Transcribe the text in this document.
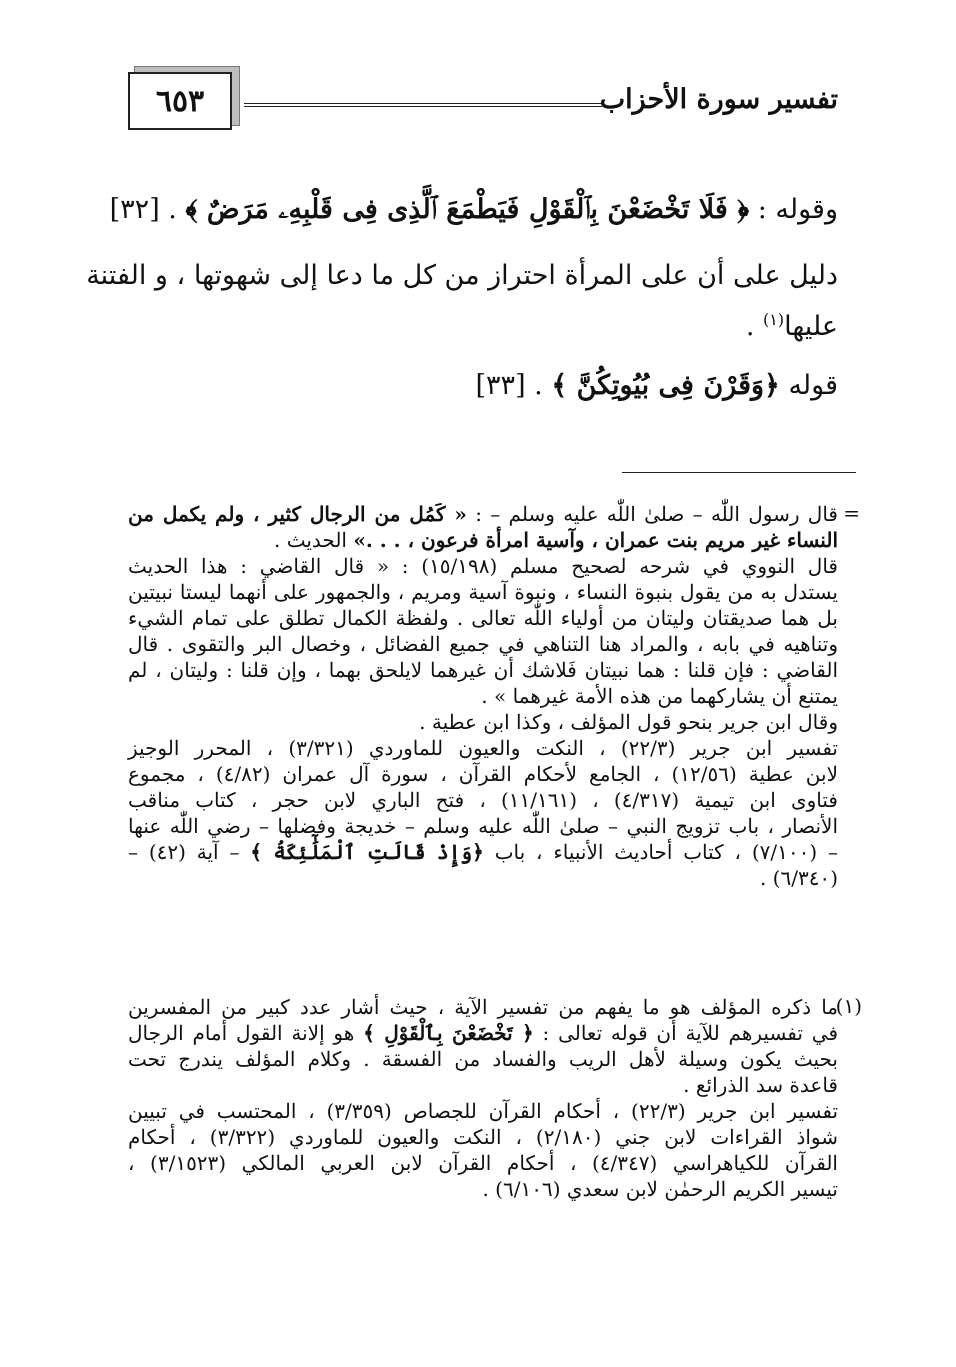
٦٥٣	تفسير سورة الأحزاب
وقوله : ﴿ فَلَا تَخْضَعْنَ بِٱلْقَوْلِ فَيَطْمَعَ ٱلَّذِى فِى قَلْبِهِۦ مَرَضٌ ﴾ . [٣٢]
دليل على أن على المرأة احتراز من كل ما دعا إلى شهوتها ، و الفتنة
عليها$^{(١)}$ .
قوله ﴿وَقَرْنَ فِى بُيُوتِكُنَّ ﴾ . [٣٣]
=
قال رسول اللّٰه – صلىٰ اللّٰه عليه وسلم – : « كَمُل من الرجال كثير ، ولم يكمل من
النساء غير مريم بنت عمران ، وآسية امرأة فرعون ، . . .» الحديث .
قال النووي في شرحه لصحيح مسلم (١٥/١٩٨) : « قال القاضي : هذا الحديث
يستدل به من يقول بنبوة النساء ، ونبوة آسية ومريم ، والجمهور على أنهما ليستا نبيتين
بل هما صديقتان وليتان من أولياء اللّٰه تعالى . ولفظة الكمال تطلق على تمام الشيء
وتناهيه في بابه ، والمراد هنا التناهي في جميع الفضائل ، وخصال البر والتقوى . قال
القاضي : فإن قلنا : هما نبيتان فَلاشك أن غيرهما لايلحق بهما ، وإن قلنا : وليتان ، لم
يمتنع أن يشاركهما من هذه الأمة غيرهما » .
وقال ابن جرير بنحو قول المؤلف ، وكذا ابن عطية .
تفسير ابن جرير (٢٢/٣) ، النكت والعيون للماوردي (٣/٣٢١) ، المحرر الوجيز
لابن عطية (١٢/٥٦) ، الجامع لأحكام القرآن ، سورة آل عمران (٤/٨٢) ، مجموع
فتاوى ابن تيمية (٤/٣١٧) ، (١١/١٦١) ، فتح الباري لابن حجر ، كتاب مناقب
الأنصار ، باب تزويج النبي – صلىٰ اللّٰه عليه وسلم – خديجة وفضلها – رضي اللّٰه عنها
– (٧/١٠٠) ، كتاب أحاديث الأنبياء ، باب ﴿وَإِذْ قَالَتِ ٱلْمَلَٰٓئِكَةُ ﴾ – آية (٤٢) –
(٦/٣٤٠) .
(١)
ما ذكره المؤلف هو ما يفهم من تفسير الآية ، حيث أشار عدد كبير من المفسرين
في تفسيرهم للآية أن قوله تعالى : ﴿ تَخْضَعْنَ بِٱلْقَوْلِ ﴾ هو إلانة القول أمام الرجال
بحيث يكون وسيلة لأهل الريب والفساد من الفسقة . وكلام المؤلف يندرج تحت
قاعدة سد الذرائع .
تفسير ابن جرير (٢٢/٣) ، أحكام القرآن للجصاص (٣/٣٥٩) ، المحتسب في تبيين
شواذ القراءات لابن جني (٢/١٨٠) ، النكت والعيون للماوردي (٣/٣٢٢) ، أحكام
القرآن للكياهراسي (٤/٣٤٧) ، أحكام القرآن لابن العربي المالكي (٣/١٥٢٣) ،
تيسير الكريم الرحمٰن لابن سعدي (٦/١٠٦) .
